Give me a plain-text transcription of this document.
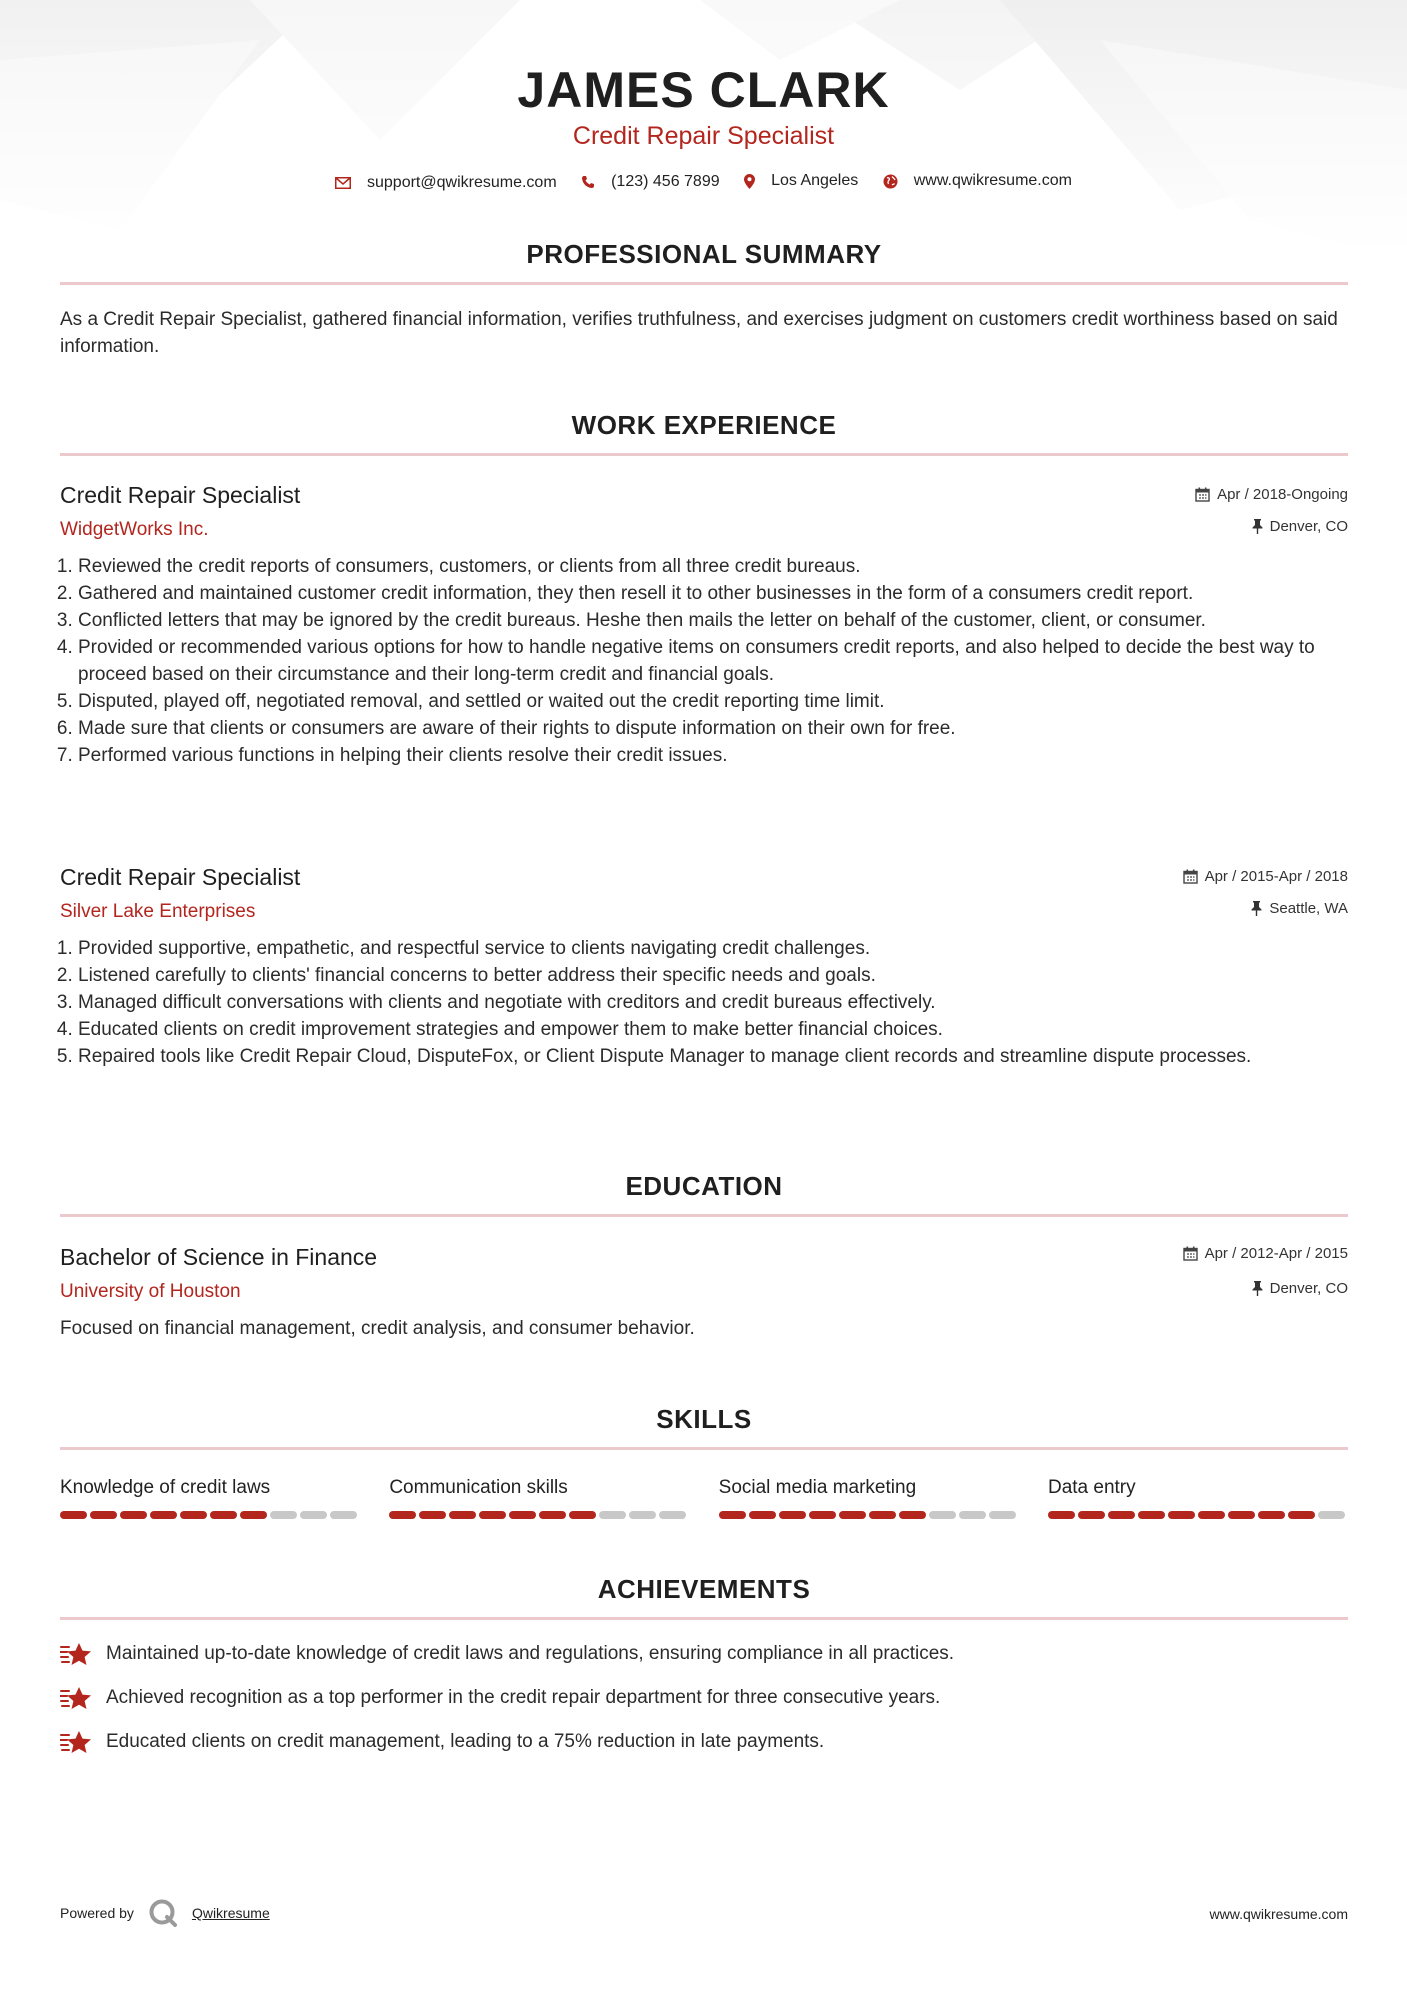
JAMES CLARK
Credit Repair Specialist
support@qwikresume.com
	(123) 456 7899
	Los Angeles
	www.qwikresume.com
PROFESSIONAL SUMMARY
As a Credit Repair Specialist, gathered financial information, verifies truthfulness, and exercises judgment on customers credit worthiness based on said information.
WORK EXPERIENCE
Credit Repair Specialist
WidgetWorks Inc.
Apr / 2018-Ongoing
Denver, CO
1. Reviewed the credit reports of consumers, customers, or clients from all three credit bureaus.
2. Gathered and maintained customer credit information, they then resell it to other businesses in the form of a consumers credit report.
3. Conflicted letters that may be ignored by the credit bureaus. Heshe then mails the letter on behalf of the customer, client, or consumer.
4. Provided or recommended various options for how to handle negative items on consumers credit reports, and also helped to decide the best way to proceed based on their circumstance and their long-term credit and financial goals.
5. Disputed, played off, negotiated removal, and settled or waited out the credit reporting time limit.
6. Made sure that clients or consumers are aware of their rights to dispute information on their own for free.
7. Performed various functions in helping their clients resolve their credit issues.
Credit Repair Specialist
Silver Lake Enterprises
Apr / 2015-Apr / 2018
Seattle, WA
1. Provided supportive, empathetic, and respectful service to clients navigating credit challenges.
2. Listened carefully to clients' financial concerns to better address their specific needs and goals.
3. Managed difficult conversations with clients and negotiate with creditors and credit bureaus effectively.
4. Educated clients on credit improvement strategies and empower them to make better financial choices.
5. Repaired tools like Credit Repair Cloud, DisputeFox, or Client Dispute Manager to manage client records and streamline dispute processes.
EDUCATION
Bachelor of Science in Finance
University of Houston
Apr / 2012-Apr / 2015
Denver, CO
Focused on financial management, credit analysis, and consumer behavior.
SKILLS
Knowledge of credit laws	Communication skills	Social media marketing	Data entry
ACHIEVEMENTS
Maintained up-to-date knowledge of credit laws and regulations, ensuring compliance in all practices.
Achieved recognition as a top performer in the credit repair department for three consecutive years.
Educated clients on credit management, leading to a 75% reduction in late payments.
Powered by	Qwikresume	www.qwikresume.com
